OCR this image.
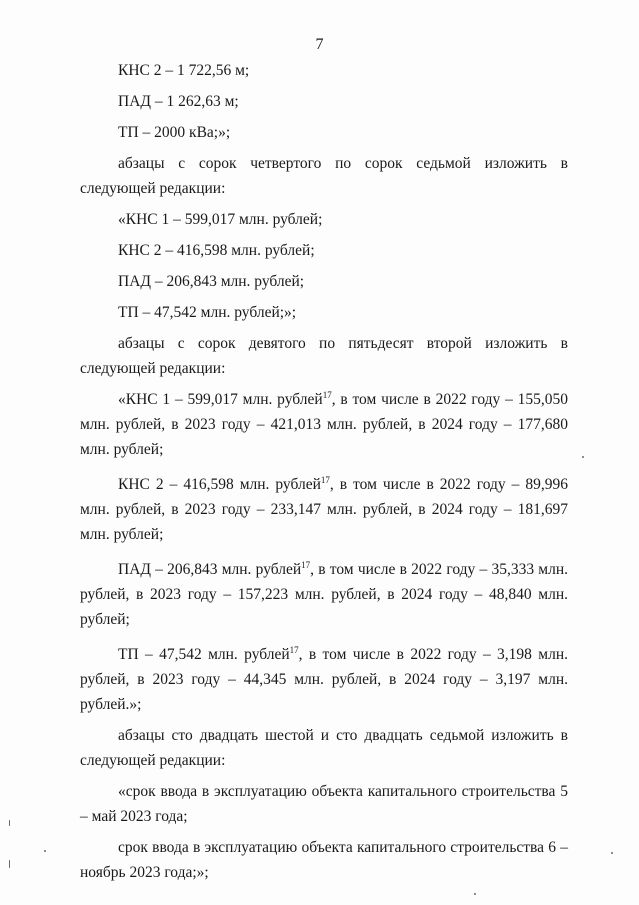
7

КНС 2 – 1 722,56 м;

ПАД – 1 262,63 м;

ТП – 2000 кВа;»;

абзацы с сорок четвертого по сорок седьмой изложить в следующей редакции:

«КНС 1 – 599,017 млн. рублей;

КНС 2 – 416,598 млн. рублей;

ПАД – 206,843 млн. рублей;

ТП – 47,542 млн. рублей;»;

абзацы с сорок девятого по пятьдесят второй изложить в следующей редакции:

«КНС 1 – 599,017 млн. рублей$^{17}$, в том числе в 2022 году – 155,050 млн. рублей, в 2023 году – 421,013 млн. рублей, в 2024 году – 177,680 млн. рублей;

КНС 2 – 416,598 млн. рублей$^{17}$, в том числе в 2022 году – 89,996 млн. рублей, в 2023 году – 233,147 млн. рублей, в 2024 году – 181,697 млн. рублей;

ПАД – 206,843 млн. рублей$^{17}$, в том числе в 2022 году – 35,333 млн. рублей, в 2023 году – 157,223 млн. рублей, в 2024 году – 48,840 млн. рублей;

ТП – 47,542 млн. рублей$^{17}$, в том числе в 2022 году – 3,198 млн. рублей, в 2023 году – 44,345 млн. рублей, в 2024 году – 3,197 млн. рублей.»;

абзацы сто двадцать шестой и сто двадцать седьмой изложить в следующей редакции:

«срок ввода в эксплуатацию объекта капитального строительства 5 – май 2023 года;

срок ввода в эксплуатацию объекта капитального строительства 6 – ноябрь 2023 года;»;
